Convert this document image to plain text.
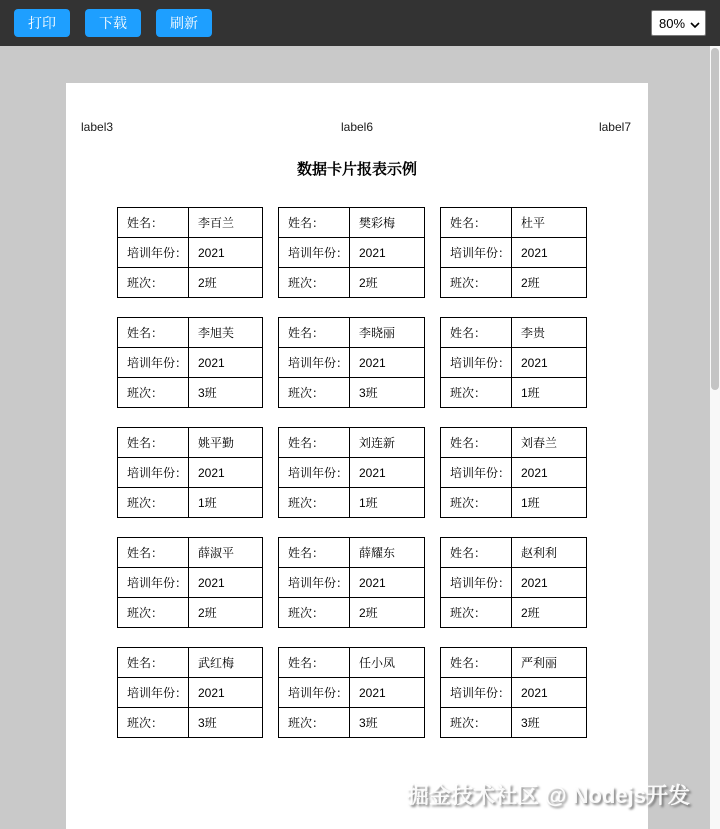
打印	下载	刷新	80%
label3	label6	label7
数据卡片报表示例
姓名：	李百兰
培训年份：	2021
班次：	2班
姓名：	樊彩梅
培训年份：	2021
班次：	2班
姓名：	杜平
培训年份：	2021
班次：	2班
姓名：	李旭芙
培训年份：	2021
班次：	3班
姓名：	李晓丽
培训年份：	2021
班次：	3班
姓名：	李贵
培训年份：	2021
班次：	1班
姓名：	姚平勤
培训年份：	2021
班次：	1班
姓名：	刘连新
培训年份：	2021
班次：	1班
姓名：	刘春兰
培训年份：	2021
班次：	1班
姓名：	薛淑平
培训年份：	2021
班次：	2班
姓名：	薛耀东
培训年份：	2021
班次：	2班
姓名：	赵利利
培训年份：	2021
班次：	2班
姓名：	武红梅
培训年份：	2021
班次：	3班
姓名：	任小凤
培训年份：	2021
班次：	3班
姓名：	严利丽
培训年份：	2021
班次：	3班
掘金技术社区 @ Nodejs开发
